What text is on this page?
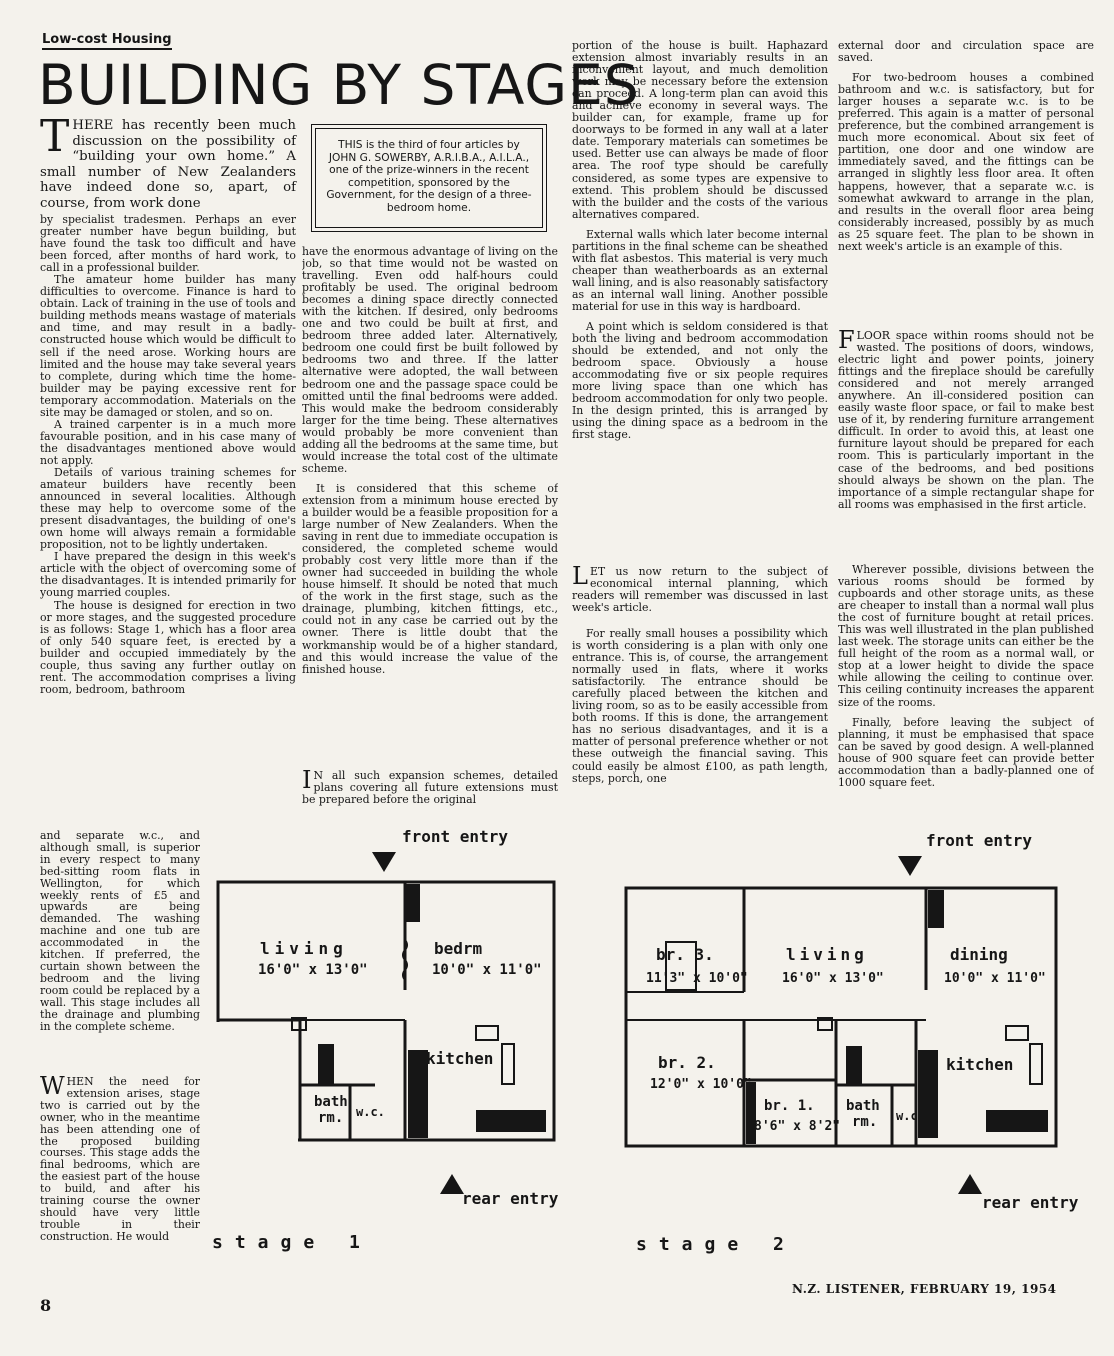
Low-cost Housing
BUILDING BY STAGES
THERE has recently been much discussion on the possibility of “building your own home.” A small number of New Zealanders have indeed done so, apart, of course, from work done
THIS is the third of four articles by JOHN G. SOWERBY, A.R.I.B.A., A.I.L.A., one of the prize-winners in the recent competition, sponsored by the Government, for the design of a three-bedroom home.

by specialist tradesmen. Perhaps an ever greater number have begun building, but have found the task too difficult and have been forced, after months of hard work, to call in a professional builder.

The amateur home builder has many difficulties to overcome. Finance is hard to obtain. Lack of training in the use of tools and building methods means wastage of materials and time, and may result in a badly-constructed house which would be difficult to sell if the need arose. Working hours are limited and the house may take several years to complete, during which time the home-builder may be paying excessive rent for temporary accommodation. Materials on the site may be damaged or stolen, and so on.

A trained carpenter is in a much more favourable position, and in his case many of the disadvantages mentioned above would not apply.

Details of various training schemes for amateur builders have recently been announced in several localities. Although these may help to overcome some of the present disadvantages, the building of one's own home will always remain a formidable proposition, not to be lightly undertaken.

I have prepared the design in this week's article with the object of overcoming some of the disadvantages. It is intended primarily for young married couples.

The house is designed for erection in two or more stages, and the suggested procedure is as follows: Stage 1, which has a floor area of only 540 square feet, is erected by a builder and occupied immediately by the couple, thus saving any further outlay on rent. The accommodation comprises a living room, bedroom, bathroom

and separate w.c., and although small, is superior in every respect to many bed-sitting room flats in Wellington, for which weekly rents of £5 and upwards are being demanded. The washing machine and one tub are accommodated in the kitchen. If preferred, the curtain shown between the bedroom and the living room could be replaced by a wall. This stage includes all the drainage and plumbing in the complete scheme.

WHEN the need for extension arises, stage two is carried out by the owner, who in the meantime has been attending one of the proposed building courses. This stage adds the final bedrooms, which are the easiest part of the house to build, and after his training course the owner should have very little trouble in their construction. He would

have the enormous advantage of living on the job, so that time would not be wasted on travelling. Even odd half-hours could profitably be used. The original bedroom becomes a dining space directly connected with the kitchen. If desired, only bedrooms one and two could be built at first, and bedroom three added later. Alternatively, bedroom one could first be built followed by bedrooms two and three. If the latter alternative were adopted, the wall between bedroom one and the passage space could be omitted until the final bedrooms were added. This would make the bedroom considerably larger for the time being. These alternatives would probably be more convenient than adding all the bedrooms at the same time, but would increase the total cost of the ultimate scheme.

It is considered that this scheme of extension from a minimum house erected by a builder would be a feasible proposition for a large number of New Zealanders. When the saving in rent due to immediate occupation is considered, the completed scheme would probably cost very little more than if the owner had succeeded in building the whole house himself. It should be noted that much of the work in the first stage, such as the drainage, plumbing, kitchen fittings, etc., could not in any case be carried out by the owner. There is little doubt that the workmanship would be of a higher standard, and this would increase the value of the finished house.

I N all such expansion schemes, detailed plans covering all future extensions must be prepared before the original

portion of the house is built. Haphazard extension almost invariably results in an inconvenient layout, and much demolition work may be necessary before the extension can proceed. A long-term plan can avoid this and achieve economy in several ways. The builder can, for example, frame up for doorways to be formed in any wall at a later date. Temporary materials can sometimes be used. Better use can always be made of floor area. The roof type should be carefully considered, as some types are expensive to extend. This problem should be discussed with the builder and the costs of the various alternatives compared.

External walls which later become internal partitions in the final scheme can be sheathed with flat asbestos. This material is very much cheaper than weatherboards as an external wall lining, and is also reasonably satisfactory as an internal wall lining. Another possible material for use in this way is hardboard.

A point which is seldom considered is that both the living and bedroom accommodation should be extended, and not only the bedroom space. Obviously a house accommodating five or six people requires more living space than one which has bedroom accommodation for only two people. In the design printed, this is arranged by using the dining space as a bedroom in the first stage.

LET us now return to the subject of economical internal planning, which readers will remember was discussed in last week's article.

For really small houses a possibility which is worth considering is a plan with only one entrance. This is, of course, the arrangement normally used in flats, where it works satisfactorily. The entrance should be carefully placed between the kitchen and living room, so as to be easily accessible from both rooms. If this is done, the arrangement has no serious disadvantages, and it is a matter of personal preference whether or not these outweigh the financial saving. This could easily be almost £100, as path length, steps, porch, one

external door and circulation space are saved.

For two-bedroom houses a combined bathroom and w.c. is satisfactory, but for larger houses a separate w.c. is to be preferred. This again is a matter of personal preference, but the combined arrangement is much more economical. About six feet of partition, one door and one window are immediately saved, and the fittings can be arranged in slightly less floor area. It often happens, however, that a separate w.c. is somewhat awkward to arrange in the plan, and results in the overall floor area being considerably increased, possibly by as much as 25 square feet. The plan to be shown in next week's article is an example of this.

FLOOR space within rooms should not be wasted. The positions of doors, windows, electric light and power points, joinery fittings and the fireplace should be carefully considered and not merely arranged anywhere. An ill-considered position can easily waste floor space, or fail to make best use of it, by rendering furniture arrangement difficult. In order to avoid this, at least one furniture layout should be prepared for each room. This is particularly important in the case of the bedrooms, and bed positions should always be shown on the plan. The importance of a simple rectangular shape for all rooms was emphasised in the first article.

Wherever possible, divisions between the various rooms should be formed by cupboards and other storage units, as these are cheaper to install than a normal wall plus the cost of furniture bought at retail prices. This was well illustrated in the plan published last week. The storage units can either be the full height of the room as a normal wall, or stop at a lower height to divide the space while allowing the ceiling to continue over. This ceiling continuity increases the apparent size of the rooms.

Finally, before leaving the subject of planning, it must be emphasised that space can be saved by good design. A well-planned house of 900 square feet can provide better accommodation than a badly-planned one of 1000 square feet.

front entry
rear entry
living
16'0" x 13'0"
bedrm
10'0" x 11'0"
kitchen
bath
rm. w.c.
stage 1
front entry
rear entry
br. 3.
11'3" x 10'0"
living
16'0" x 13'0"
dining
10'0" x 11'0"
br. 2.
12'0" x 10'0"
br. 1.
8'6" x 8'2"
bath
rm. w.c.
kitchen
stage 2
8
N.Z. LISTENER, FEBRUARY 19, 1954
